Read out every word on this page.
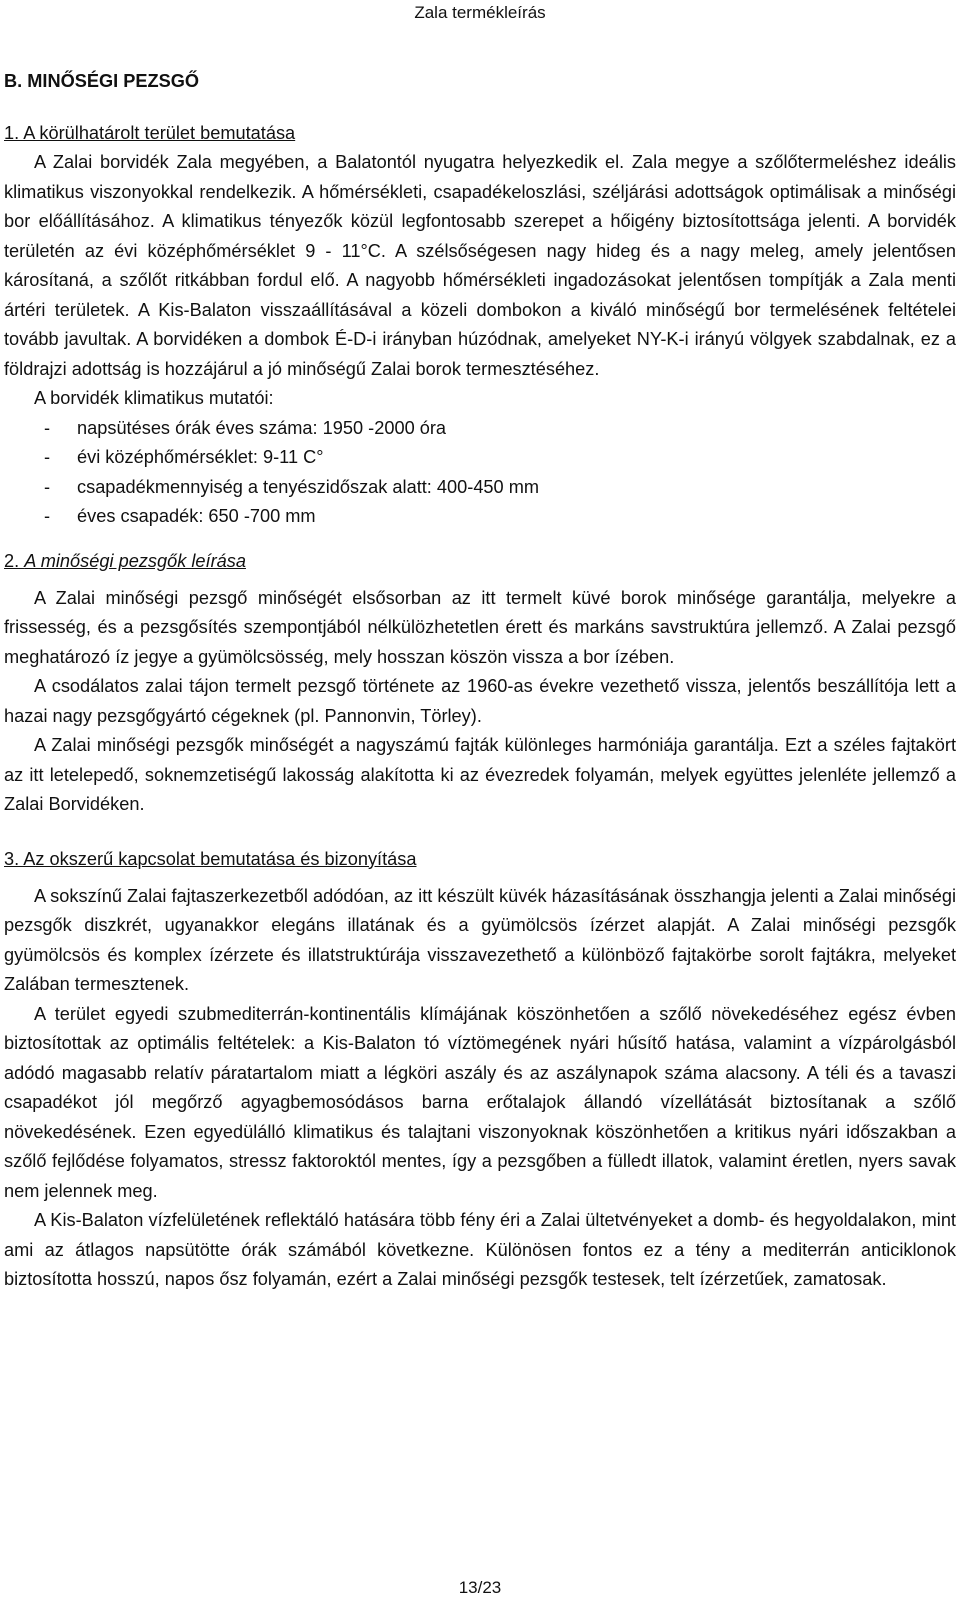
Zala termékleírás

B. MINŐSÉGI PEZSGŐ

1. A körülhatárolt terület bemutatása

A Zalai borvidék Zala megyében, a Balatontól nyugatra helyezkedik el. Zala megye a szőlőtermeléshez ideális klimatikus viszonyokkal rendelkezik. A hőmérsékleti, csapadékeloszlási, széljárási adottságok optimálisak a minőségi bor előállításához. A klimatikus tényezők közül legfontosabb szerepet a hőigény biztosítottsága jelenti. A borvidék területén az évi középhőmérséklet 9 - 11°C. A szélsőségesen nagy hideg és a nagy meleg, amely jelentősen károsítaná, a szőlőt ritkábban fordul elő. A nagyobb hőmérsékleti ingadozásokat jelentősen tompítják a Zala menti ártéri területek. A Kis-Balaton visszaállításával a közeli dombokon a kiváló minőségű bor termelésének feltételei tovább javultak. A borvidéken a dombok É-D-i irányban húzódnak, amelyeket NY-K-i irányú völgyek szabdalnak, ez a földrajzi adottság is hozzájárul a jó minőségű Zalai borok termesztéséhez.

A borvidék klimatikus mutatói:

‑ napsütéses órák éves száma: 1950 -2000 óra
‑ évi középhőmérséklet: 9-11 C°
‑ csapadékmennyiség a tenyészidőszak alatt: 400-450 mm
‑ éves csapadék: 650 -700 mm

2. A minőségi pezsgők leírása

A Zalai minőségi pezsgő minőségét elsősorban az itt termelt küvé borok minősége garantálja, melyekre a frissesség, és a pezsgősítés szempontjából nélkülözhetetlen érett és markáns savstruktúra jellemző. A Zalai pezsgő meghatározó íz jegye a gyümölcsösség, mely hosszan köszön vissza a bor ízében.

A csodálatos zalai tájon termelt pezsgő története az 1960-as évekre vezethető vissza, jelentős beszállítója lett a hazai nagy pezsgőgyártó cégeknek (pl. Pannonvin, Törley).

A Zalai minőségi pezsgők minőségét a nagyszámú fajták különleges harmóniája garantálja. Ezt a széles fajtakört az itt letelepedő, soknemzetiségű lakosság alakította ki az évezredek folyamán, melyek együttes jelenléte jellemző a Zalai Borvidéken.

3. Az okszerű kapcsolat bemutatása és bizonyítása

A sokszínű Zalai fajtaszerkezetből adódóan, az itt készült küvék házasításának összhangja jelenti a Zalai minőségi pezsgők diszkrét, ugyanakkor elegáns illatának és a gyümölcsös ízérzet alapját. A Zalai minőségi pezsgők gyümölcsös és komplex ízérzete és illatstruktúrája visszavezethető a különböző fajtakörbe sorolt fajtákra, melyeket Zalában termesztenek.

A terület egyedi szubmediterrán-kontinentális klímájának köszönhetően a szőlő növekedéséhez egész évben biztosítottak az optimális feltételek: a Kis-Balaton tó víztömegének nyári hűsítő hatása, valamint a vízpárolgásból adódó magasabb relatív páratartalom miatt a légköri aszály és az aszálynapok száma alacsony. A téli és a tavaszi csapadékot jól megőrző agyagbemosódásos barna erőtalajok állandó vízellátását biztosítanak a szőlő növekedésének. Ezen egyedülálló klimatikus és talajtani viszonyoknak köszönhetően a kritikus nyári időszakban a szőlő fejlődése folyamatos, stressz faktoroktól mentes, így a pezsgőben a fülledt illatok, valamint éretlen, nyers savak nem jelennek meg.

A Kis-Balaton vízfelületének reflektáló hatására több fény éri a Zalai ültetvényeket a domb- és hegyoldalakon, mint ami az átlagos napsütötte órák számából következne. Különösen fontos ez a tény a mediterrán anticiklonok biztosította hosszú, napos ősz folyamán, ezért a Zalai minőségi pezsgők testesek, telt ízérzetűek, zamatosak.

13/23
